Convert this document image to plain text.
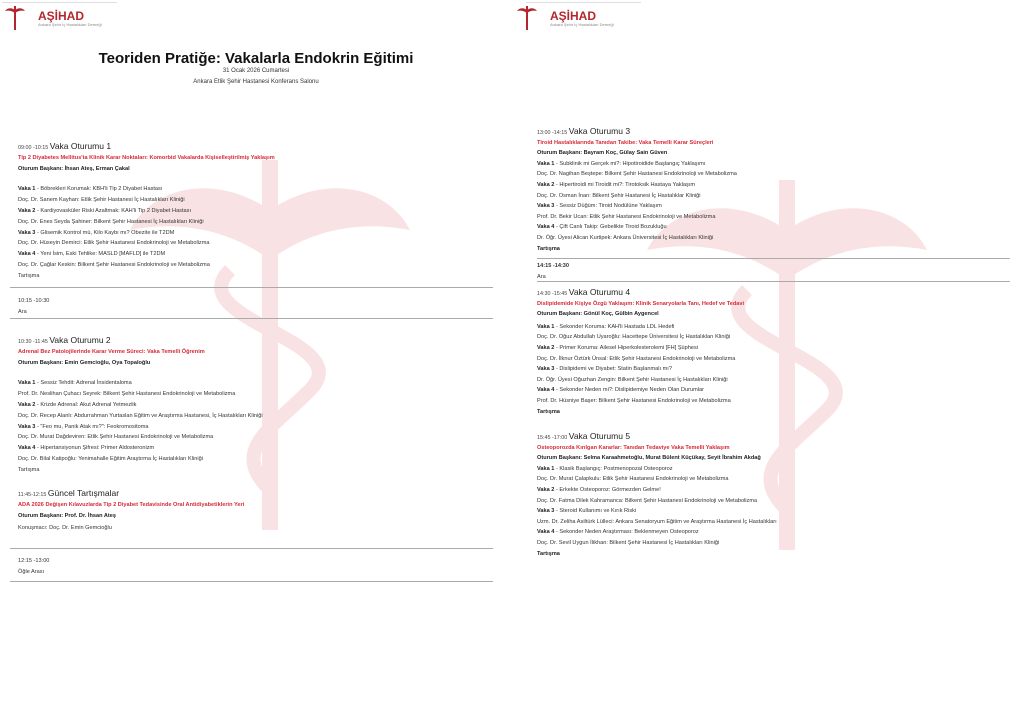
AŞİHAD
Ankara Şehir İç Hastalıkları Derneği
Teoriden Pratiğe: Vakalarla Endokrin Eğitimi
31 Ocak 2026 Cumartesi
Ankara Etlik Şehir Hastanesi Konferans Salonu
AŞİHAD
Ankara Şehir İç Hastalıkları Derneği
09:00 -10:15 Vaka Oturumu 1
Tip 2 Diyabetes Mellitus'ta Klinik Karar Noktaları: Komorbid Vakalarda Kişiselleştirilmiş Yaklaşım
Oturum Başkanı: İhsan Ateş, Erman Çakal
Vaka 1 - Böbrekleri Korumak: KBH'li Tip 2 Diyabet Hastası
Doç. Dr. Sanem Kayhan: Etlik Şehir Hastanesi İç Hastalıkları Kliniği
Vaka 2 - Kardiyovasküler Riski Azaltmak: KAH'li Tip 2 Diyabet Hastası
Doç. Dr. Enes Seyda Şahiner: Bilkent Şehir Hastanesi İç Hastalıkları Kliniği
Vaka 3 - Glisemik Kontrol mü, Kilo Kaybı mı? Obezite ile T2DM
Doç. Dr. Hüseyin Demirci: Etlik Şehir Hastanesi Endokrinoloji ve Metabolizma
Vaka 4 - Yeni İsim, Eski Tehlike: MASLD [MAFLD] ile T2DM
Doç. Dr. Çağlar Keskin: Bilkent Şehir Hastanesi Endokrinoloji ve Metabolizma
Tartışma
10:30 -11:45 Vaka Oturumu 2
Adrenal Bez Patolojilerinde Karar Verme Süreci: Vaka Temelli Öğrenim
Oturum Başkanı: Emin Gemcioğlu, Oya Topaloğlu
Vaka 1 - Sessiz Tehdit: Adrenal İnsidentaloma
Prof. Dr. Neslihan Çuhacı Seyrek: Bilkent Şehir Hastanesi Endokrinoloji ve Metabolizma
Vaka 2 - Krizde Adrenal: Akut Adrenal Yetmezlik
Doç. Dr. Recep Alanlı: Abdurrahman Yurtaslan Eğitim ve Araştırma Hastanesi, İç Hastalıkları Kliniği
Vaka 3 - "Feo mu, Panik Atak mı?": Feokromositoma
Doç. Dr. Murat Dağdeviren: Etlik Şehir Hastanesi Endokrinoloji ve Metabolizma
Vaka 4 - Hipertansiyonun Şifresi: Primer Aldosteronizm
Doç. Dr. Bilal Katipoğlu: Yenimahalle Eğitim Araştırma İç Hastalıkları Kliniği
Tartışma
11:45-12:15 Güncel Tartışmalar
ADA 2026 Değişen Kılavuzlarda Tip 2 Diyabet Tedavisinde Oral Antidiyabetiklerin Yeri
Oturum Başkanı: Prof. Dr. İhsan Ateş
Konuşmacı: Doç. Dr. Emin Gemcioğlu
13:00 -14:15 Vaka Oturumu 3
Tiroid Hastalıklarında Tanıdan Takibe: Vaka Temelli Karar Süreçleri
Oturum Başkanı: Bayram Koç, Gülay Sain Güven
Vaka 1 - Subklinik mi Gerçek mi?: Hipotiroidide Başlangıç Yaklaşımı
Doç. Dr. Nagihan Beştepe: Bilkent Şehir Hastanesi Endokrinoloji ve Metabolizma
Vaka 2 - Hipertiroidi mi Tiroidit mi?: Tirotoksik Hastaya Yaklaşım
Doç. Dr. Osman İnan: Bilkent Şehir Hastanesi İç Hastalıklar Kliniği
Vaka 3 - Sessiz Düğüm: Tiroid Nodülüne Yaklaşım
Prof. Dr. Bekir Ucan: Etlik Şehir Hastanesi Endokrinoloji ve Metabolizma
Vaka 4 - Çift Canlı Takip: Gebelikte Tiroid Bozukluğu
Dr. Öğr. Üyesi Alican Kurtipek: Ankara Üniversitesi İç Hastalıkları Kliniği
Tartışma
14:30 -15:45 Vaka Oturumu 4
Dislipidemide Kişiye Özgü Yaklaşım: Klinik Senaryolarla Tanı, Hedef ve Tedavi
Oturum Başkanı: Gönül Koç, Gülbin Aygencel
Vaka 1 - Sekonder Koruma: KAH'li Hastada LDL Hedefi
Doç. Dr. Oğuz Abdullah Uyaroğlu: Hacettepe Üniversitesi İç Hastalıkları Kliniği
Vaka 2 - Primer Koruma: Ailesel Hiperkolesterolemi [FH] Şüphesi
Doç. Dr. İlknur Öztürk Ünsal: Etlik Şehir Hastanesi Endokrinoloji ve Metabolizma
Vaka 3 - Dislipidemi ve Diyabet: Statin Başlanmalı mı?
Dr. Öğr. Üyesi Oğuzhan Zengin: Bilkent Şehir Hastanesi İç Hastalıkları Kliniği
Vaka 4 - Sekonder Neden mi?: Dislipidemiye Neden Olan Durumlar
Prof. Dr. Hüsniye Başer: Bilkent Şehir Hastanesi Endokrinoloji ve Metabolizma
Tartışma
15:45 -17:00 Vaka Oturumu 5
Osteoporozda Kırılgan Kararlar: Tanıdan Tedaviye Vaka Temelli Yaklaşım
Oturum Başkanı: Selma Karaahmetoğlu, Murat Bülent Küçükay, Seyit İbrahim Akdağ
Vaka 1 - Klasik Başlangıç: Postmenopozal Osteoporoz
Doç. Dr. Murat Çalapkulu: Etlik Şehir Hastanesi Endokrinoloji ve Metabolizma
Vaka 2 - Erkekte Osteoporoz: Görmezden Gelme!
Doç. Dr. Fatma Dilek Kahramanca: Bilkent Şehir Hastanesi Endokrinoloji ve Metabolizma
Vaka 3 - Steroid Kullanımı ve Kırık Riski
Uzm. Dr. Zeliha Asiltürk Lülleci: Ankara Senatoryum Eğitim ve Araştırma Hastanesi İç Hastalıkları
Vaka 4 - Sekonder Neden Araştırması: Beklenmeyen Osteoporoz
Doç. Dr. Sevil Uygun İlikhan: Bilkent Şehir Hastanesi İç Hastalıkları Kliniği
Tartışma
10:15 -10:30
Ara
12:15 -13:00
Öğle Arası
14:15 -14:30
Ara
